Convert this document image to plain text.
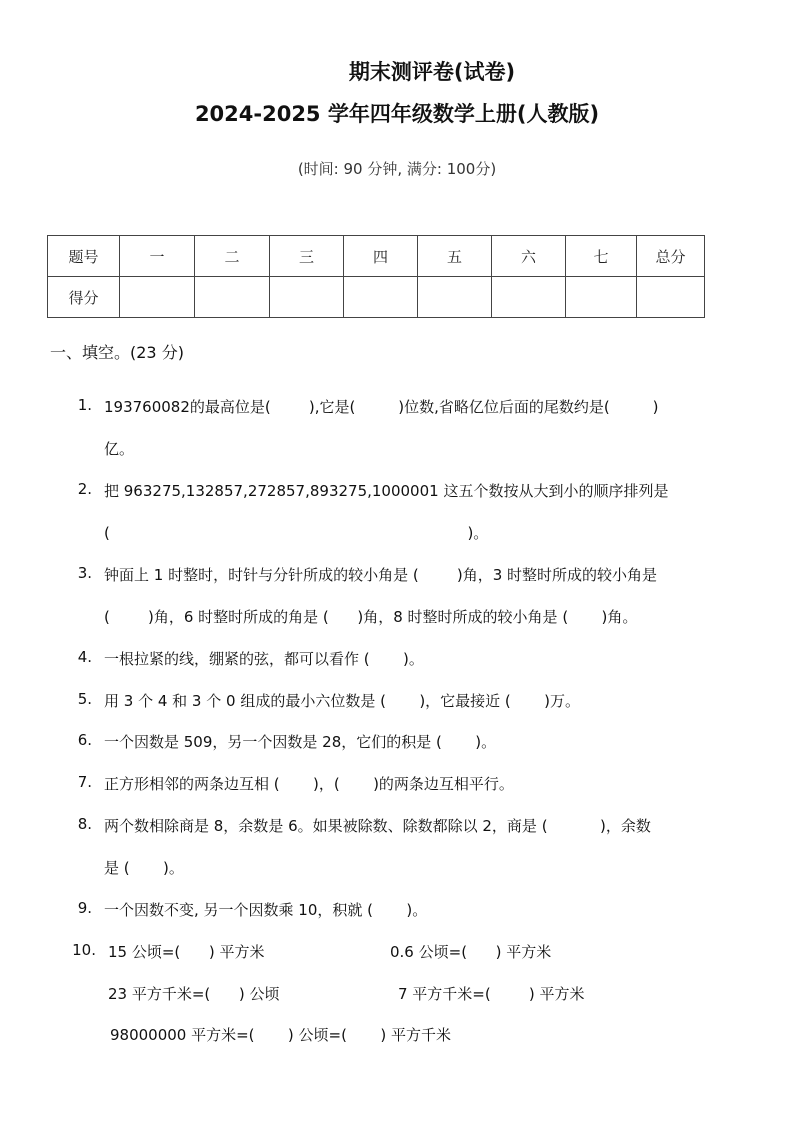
期末测评卷(试卷)
2024-2025 学年四年级数学上册(人教版)
(时间: 90 分钟, 满分: 100分)
题号	一	二	三	四	五	六	七	总分
得分								
一、填空。(23 分)
1. 193760082的最高位是(        ),它是(         )位数,省略亿位后面的尾数约是(         )
亿。
2. 把 963275,132857,272857,893275,1000001 这五个数按从大到小的顺序排列是
(                                                                           )。
3. 钟面上 1 时整时，时针与分针所成的较小角是 (        )角，3 时整时所成的较小角是
(        )角，6 时整时所成的角是 (      )角，8 时整时所成的较小角是 (       )角。
4. 一根拉紧的线，绷紧的弦，都可以看作 (       )。
5. 用 3 个 4 和 3 个 0 组成的最小六位数是 (       )，它最接近 (       )万。
6. 一个因数是 509，另一个因数是 28，它们的积是 (       )。
7. 正方形相邻的两条边互相 (       )，(       )的两条边互相平行。
8. 两个数相除商是 8，余数是 6。如果被除数、除数都除以 2，商是 (           )，余数
是 (       )。
9. 一个因数不变, 另一个因数乘 10，积就 (       )。
10. 15 公顷=(      ) 平方米	0.6 公顷=(      ) 平方米
23 平方千米=(      ) 公顷	7 平方千米=(        ) 平方米
98000000 平方米=(       ) 公顷=(       ) 平方千米
